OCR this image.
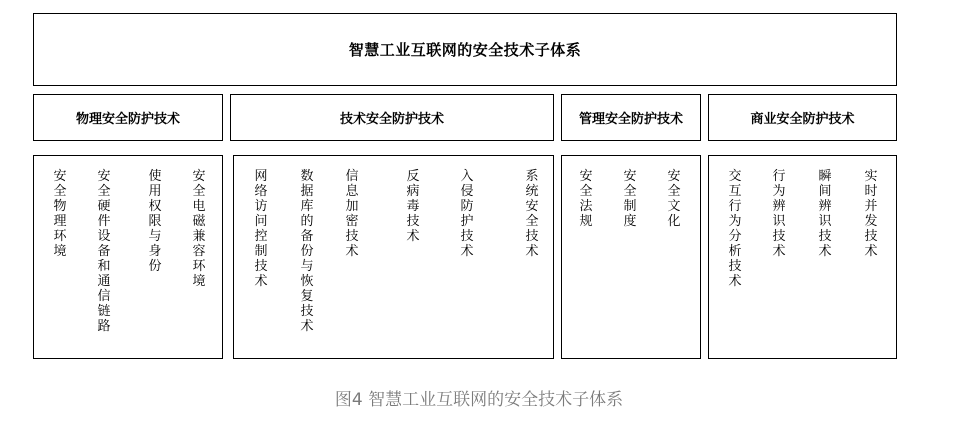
智慧工业互联网的安全技术子体系
物理安全防护技术	技术安全防护技术	管理安全防护技术	商业安全防护技术
安全物理环境
安全硬件设备和通信链路
使用权限与身份
安全电磁兼容环境
网络访问控制技术
数据库的备份与恢复技术
信息加密技术
反病毒技术
入侵防护技术
系统安全技术
安全法规
安全制度
安全文化
交互行为分析技术
行为辨识技术
瞬间辨识技术
实时并发技术
图4 智慧工业互联网的安全技术子体系
